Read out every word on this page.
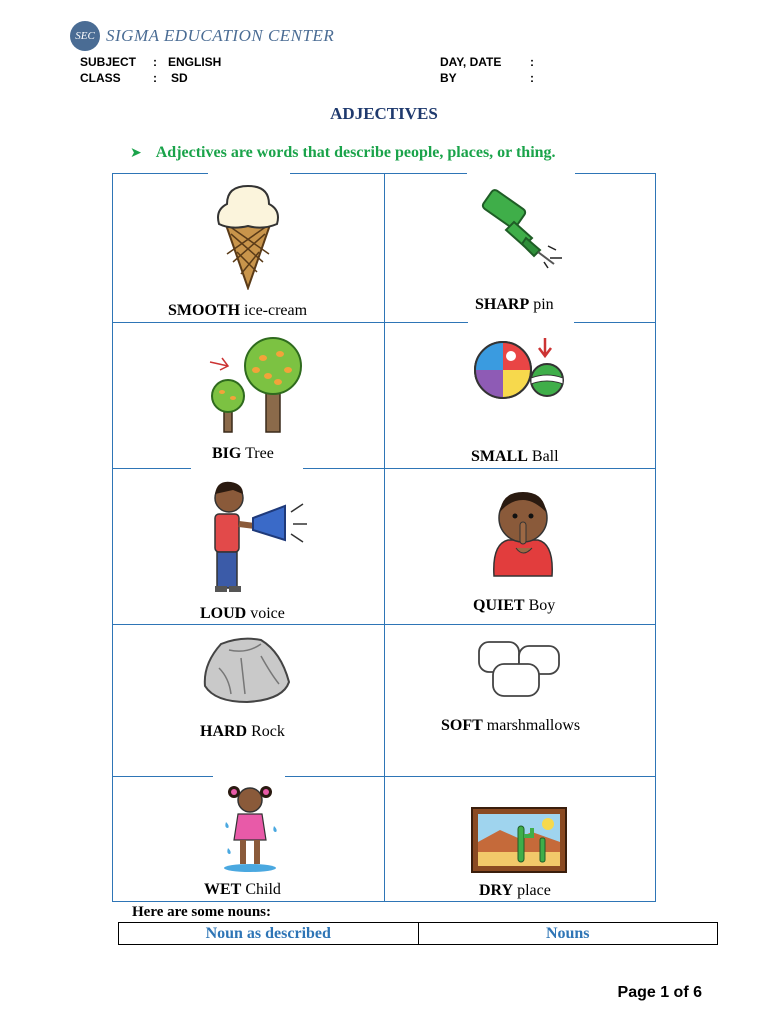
SEC SIGMA EDUCATION CENTER
SUBJECT : ENGLISH
CLASS	: SD
DAY, DATE :
BY	:
ADJECTIVES
➤ Adjectives are words that describe people, places, or thing.
SMOOTH ice-cream	SHARP pin
BIG Tree	SMALL Ball
LOUD voice	QUIET Boy
HARD Rock	SOFT marshmallows
WET Child	DRY place
Here are some nouns:
Noun as described	Nouns
Page 1 of 6
